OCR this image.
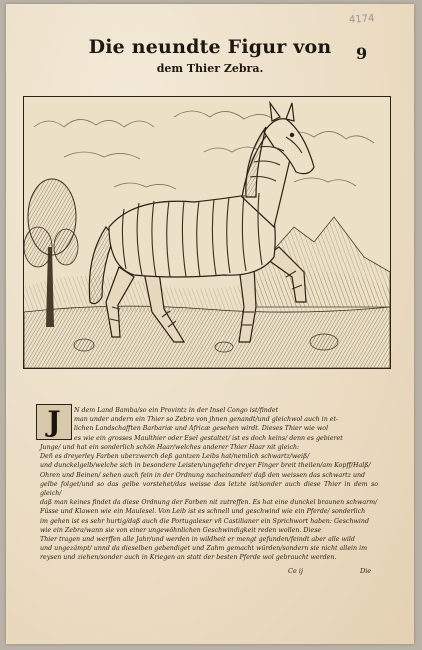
4174
Die neundte Figur von
dem Thier Zebra.
9
J	N dem Land Bamba/so ein Provintz in der Insel Congo ist/findet
man under andern ein Thier so Zebra von jhnen genandt/und gleichwol auch in et-
lichen Landschafften Barbariæ und Africæ gesehen wirdt. Dieses Thier wie wol
es wie ein grosses Maulthier oder Esel gestaltet/ ist es doch keins/ denn es gebieret
Junge/ und hat ein sonderlich schön Haar/welches anderer Thier Haar nit gleich:
Deñ es dreyerley Farben uberzwerch deß gantzen Leibs hat/nemlich schwartz/weiß/
und dunckelgelb/welche sich in besondere Leisten/ungefehr dreyer Finger breit theilen/am Kopff/Halß/
Ohren und Beinen/ sehen auch fein in der Ordnung nacheinander/ daß den weissen das schwartz und
gelbe folget/und so das gelbe vorstehet/das weisse das letzte ist/sonder auch diese Thier in dem so gleich/
daß man keines findet da diese Ordnung der Farben nit zutreffen. Es hat eine dunckel braunen schwarm/
Füsse und Klawen wie ein Maulesel. Von Leib ist es schnell und geschwind wie ein Pferde/ sonderlich
im gehen ist es sehr hurtig/daß auch die Portugaleser vñ Castilianer ein Sprichwort haben: Geschwind
wie ein Zebra/wann sie von einer ungewöhnlichen Geschwindigkeit reden wollen. Diese
Thier tragen und werffen alle Jahr/und werden in wildheit er mengt gefunden/feindt aber alle wild
und ungezämpt/ unnd da dieselben gebendiget und Zahm gemacht würden/sondern sie nicht allein im
reysen und ziehen/sonder auch in Kriegen an statt der besten Pferde wol gebraucht werden.
Ce ij	Die
